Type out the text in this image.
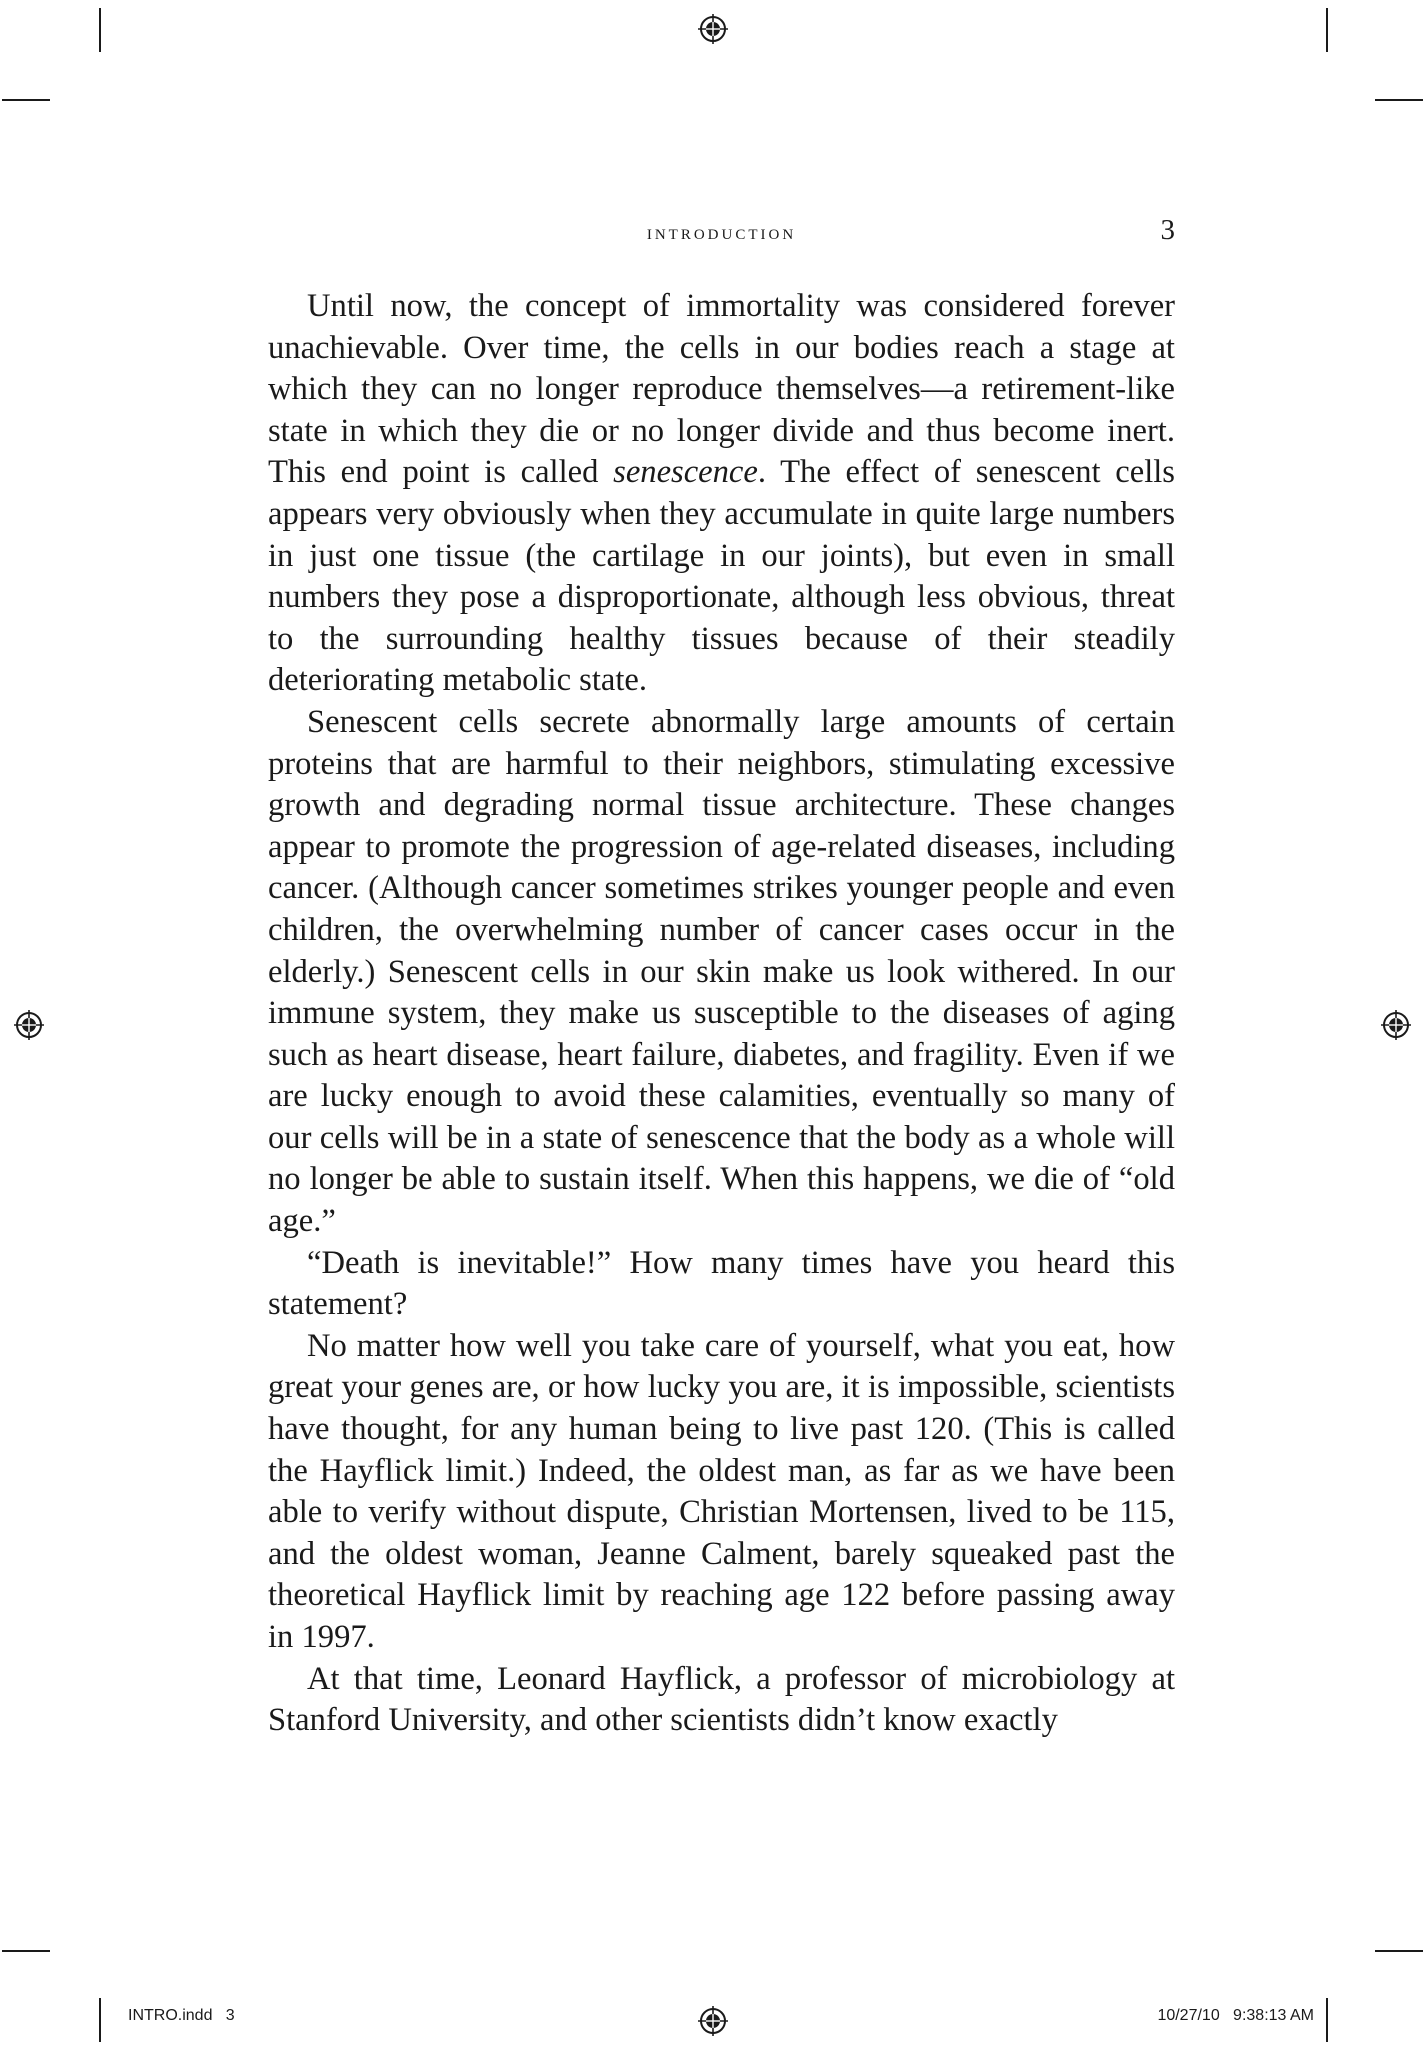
introduction	3

Until now, the concept of immortality was considered forever unachievable. Over time, the cells in our bodies reach a stage at which they can no longer reproduce themselves—a retirement-like state in which they die or no longer divide and thus become inert. This end point is called senescence. The effect of senescent cells appears very obviously when they accumulate in quite large numbers in just one tissue (the cartilage in our joints), but even in small numbers they pose a disproportionate, although less obvious, threat to the surrounding healthy tissues because of their steadily deteriorating metabolic state.

Senescent cells secrete abnormally large amounts of certain proteins that are harmful to their neighbors, stimulating excessive growth and degrading normal tissue architecture. These changes appear to promote the progression of age-related diseases, including cancer. (Although cancer sometimes strikes younger people and even children, the overwhelming number of cancer cases occur in the elderly.) Senescent cells in our skin make us look withered. In our immune system, they make us susceptible to the diseases of aging such as heart disease, heart failure, diabetes, and fragility. Even if we are lucky enough to avoid these calamities, eventually so many of our cells will be in a state of senescence that the body as a whole will no longer be able to sustain itself. When this happens, we die of “old age.”

“Death is inevitable!” How many times have you heard this statement?

No matter how well you take care of yourself, what you eat, how great your genes are, or how lucky you are, it is impossible, scientists have thought, for any human being to live past 120. (This is called the Hayflick limit.) Indeed, the oldest man, as far as we have been able to verify without dispute, Christian Mortensen, lived to be 115, and the oldest woman, Jeanne Calment, barely squeaked past the theoretical Hayflick limit by reaching age 122 before passing away in 1997.

At that time, Leonard Hayflick, a professor of microbiology at Stanford University, and other scientists didn’t know exactly

INTRO.indd   3	10/27/10   9:38:13 AM
